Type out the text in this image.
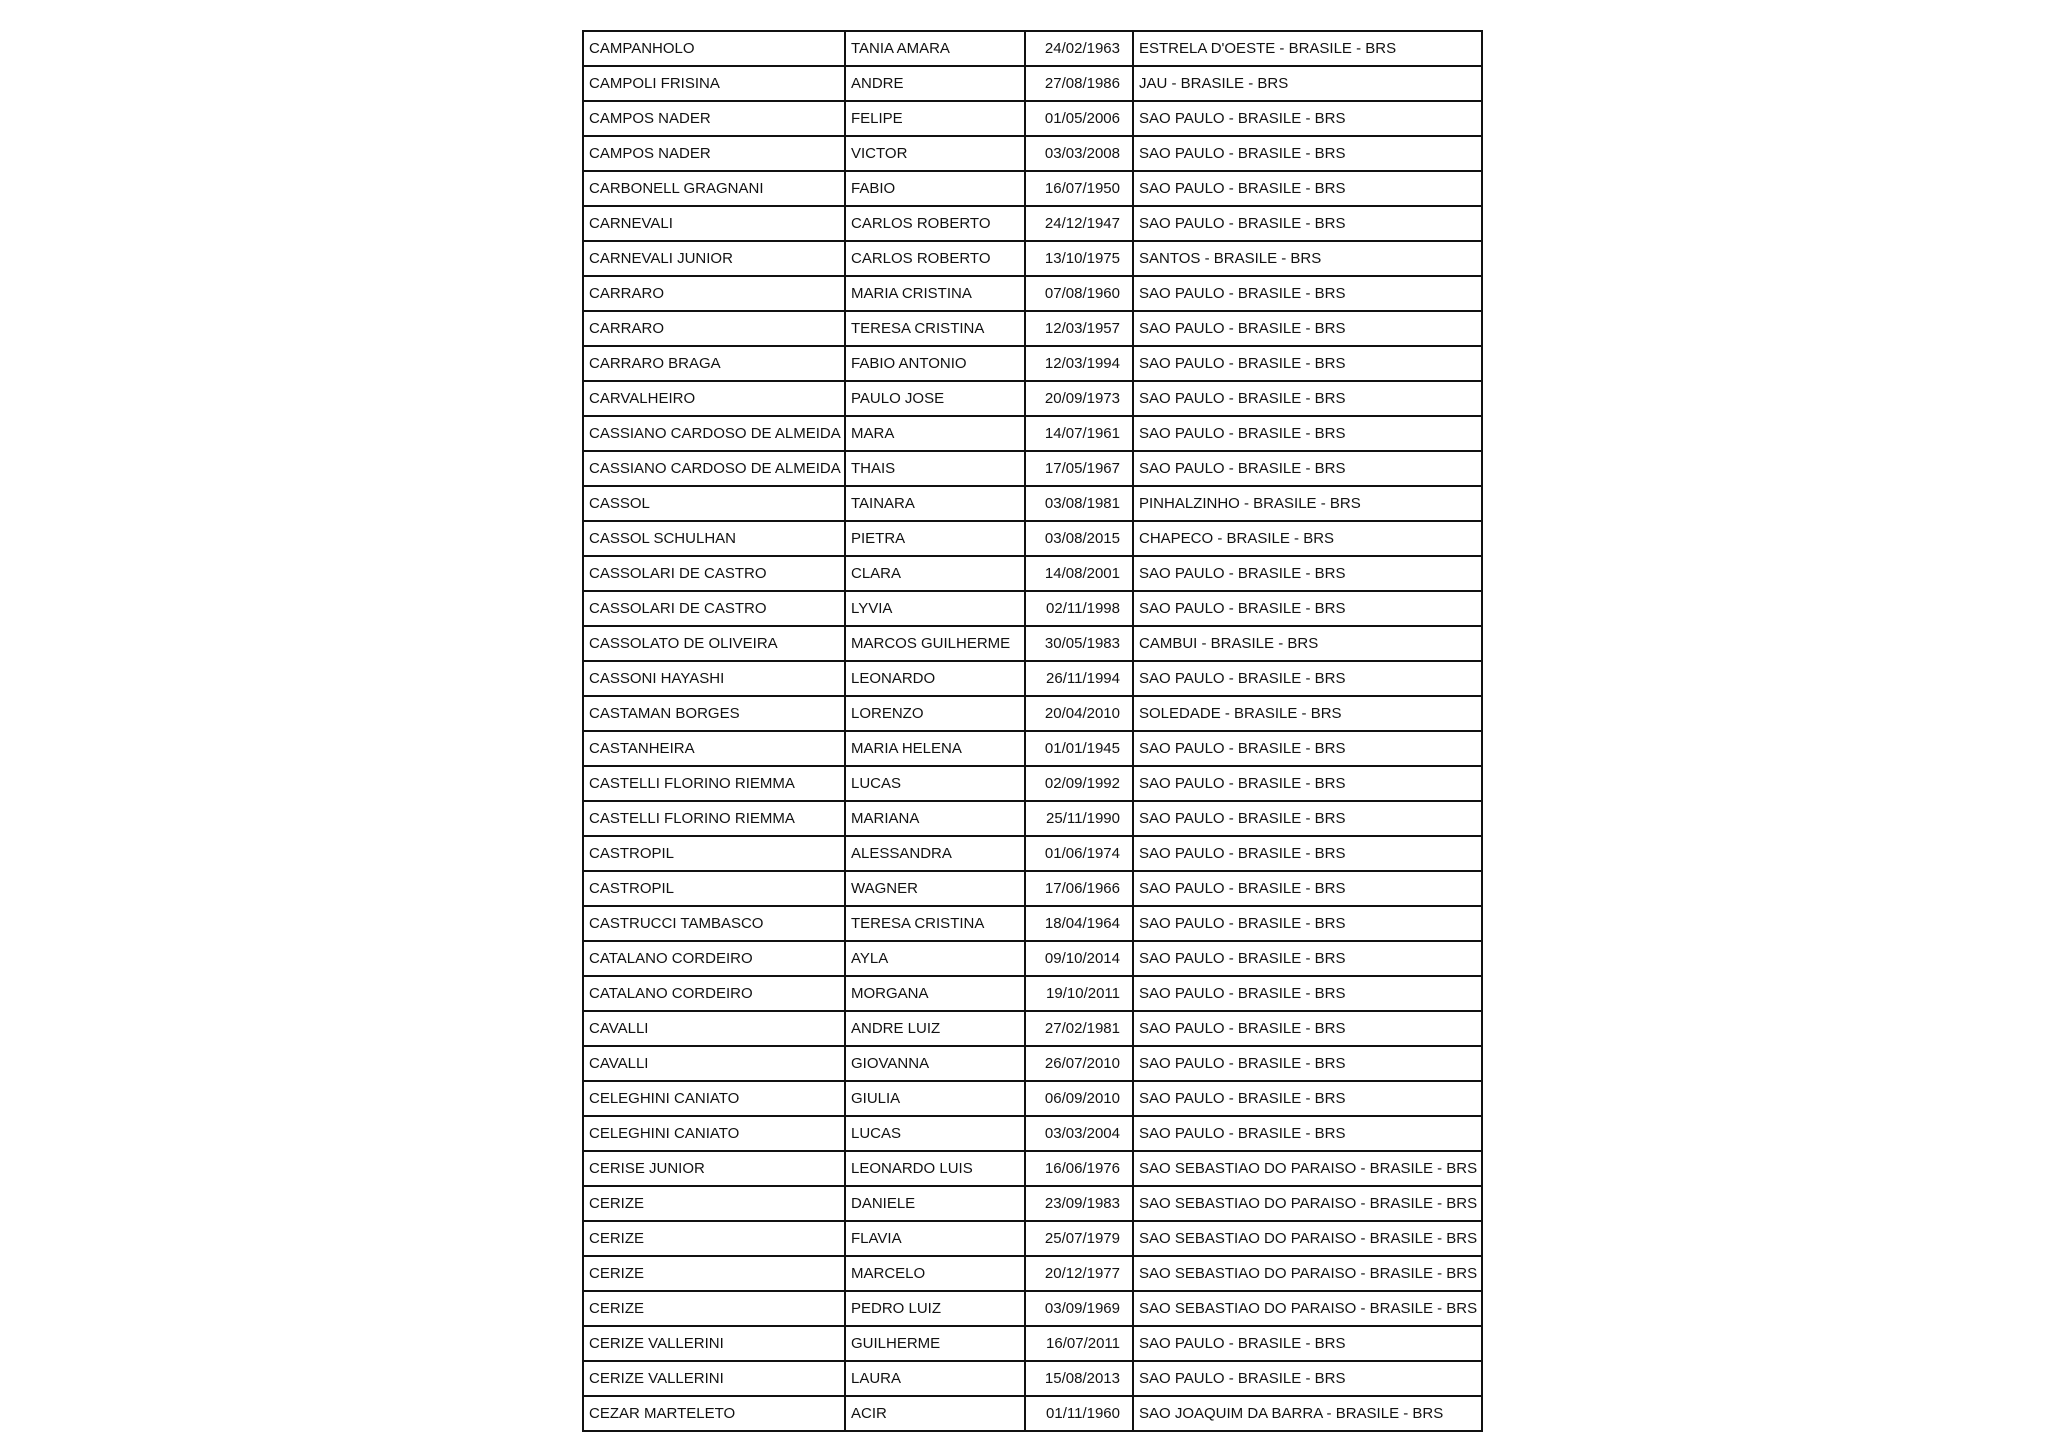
CAMPANHOLO	TANIA AMARA	24/02/1963	ESTRELA D'OESTE - BRASILE - BRS
CAMPOLI FRISINA	ANDRE	27/08/1986	JAU - BRASILE - BRS
CAMPOS NADER	FELIPE	01/05/2006	SAO PAULO - BRASILE - BRS
CAMPOS NADER	VICTOR	03/03/2008	SAO PAULO - BRASILE - BRS
CARBONELL GRAGNANI	FABIO	16/07/1950	SAO PAULO - BRASILE - BRS
CARNEVALI	CARLOS ROBERTO	24/12/1947	SAO PAULO - BRASILE - BRS
CARNEVALI JUNIOR	CARLOS ROBERTO	13/10/1975	SANTOS - BRASILE - BRS
CARRARO	MARIA CRISTINA	07/08/1960	SAO PAULO - BRASILE - BRS
CARRARO	TERESA CRISTINA	12/03/1957	SAO PAULO - BRASILE - BRS
CARRARO BRAGA	FABIO ANTONIO	12/03/1994	SAO PAULO - BRASILE - BRS
CARVALHEIRO	PAULO JOSE	20/09/1973	SAO PAULO - BRASILE - BRS
CASSIANO CARDOSO DE ALMEIDA	MARA	14/07/1961	SAO PAULO - BRASILE - BRS
CASSIANO CARDOSO DE ALMEIDA	THAIS	17/05/1967	SAO PAULO - BRASILE - BRS
CASSOL	TAINARA	03/08/1981	PINHALZINHO - BRASILE - BRS
CASSOL SCHULHAN	PIETRA	03/08/2015	CHAPECO - BRASILE - BRS
CASSOLARI DE CASTRO	CLARA	14/08/2001	SAO PAULO - BRASILE - BRS
CASSOLARI DE CASTRO	LYVIA	02/11/1998	SAO PAULO - BRASILE - BRS
CASSOLATO DE OLIVEIRA	MARCOS GUILHERME	30/05/1983	CAMBUI - BRASILE - BRS
CASSONI HAYASHI	LEONARDO	26/11/1994	SAO PAULO - BRASILE - BRS
CASTAMAN BORGES	LORENZO	20/04/2010	SOLEDADE - BRASILE - BRS
CASTANHEIRA	MARIA HELENA	01/01/1945	SAO PAULO - BRASILE - BRS
CASTELLI FLORINO RIEMMA	LUCAS	02/09/1992	SAO PAULO - BRASILE - BRS
CASTELLI FLORINO RIEMMA	MARIANA	25/11/1990	SAO PAULO - BRASILE - BRS
CASTROPIL	ALESSANDRA	01/06/1974	SAO PAULO - BRASILE - BRS
CASTROPIL	WAGNER	17/06/1966	SAO PAULO - BRASILE - BRS
CASTRUCCI TAMBASCO	TERESA CRISTINA	18/04/1964	SAO PAULO - BRASILE - BRS
CATALANO CORDEIRO	AYLA	09/10/2014	SAO PAULO - BRASILE - BRS
CATALANO CORDEIRO	MORGANA	19/10/2011	SAO PAULO - BRASILE - BRS
CAVALLI	ANDRE LUIZ	27/02/1981	SAO PAULO - BRASILE - BRS
CAVALLI	GIOVANNA	26/07/2010	SAO PAULO - BRASILE - BRS
CELEGHINI CANIATO	GIULIA	06/09/2010	SAO PAULO - BRASILE - BRS
CELEGHINI CANIATO	LUCAS	03/03/2004	SAO PAULO - BRASILE - BRS
CERISE JUNIOR	LEONARDO LUIS	16/06/1976	SAO SEBASTIAO DO PARAISO - BRASILE - BRS
CERIZE	DANIELE	23/09/1983	SAO SEBASTIAO DO PARAISO - BRASILE - BRS
CERIZE	FLAVIA	25/07/1979	SAO SEBASTIAO DO PARAISO - BRASILE - BRS
CERIZE	MARCELO	20/12/1977	SAO SEBASTIAO DO PARAISO - BRASILE - BRS
CERIZE	PEDRO LUIZ	03/09/1969	SAO SEBASTIAO DO PARAISO - BRASILE - BRS
CERIZE VALLERINI	GUILHERME	16/07/2011	SAO PAULO - BRASILE - BRS
CERIZE VALLERINI	LAURA	15/08/2013	SAO PAULO - BRASILE - BRS
CEZAR MARTELETO	ACIR	01/11/1960	SAO JOAQUIM DA BARRA - BRASILE - BRS
